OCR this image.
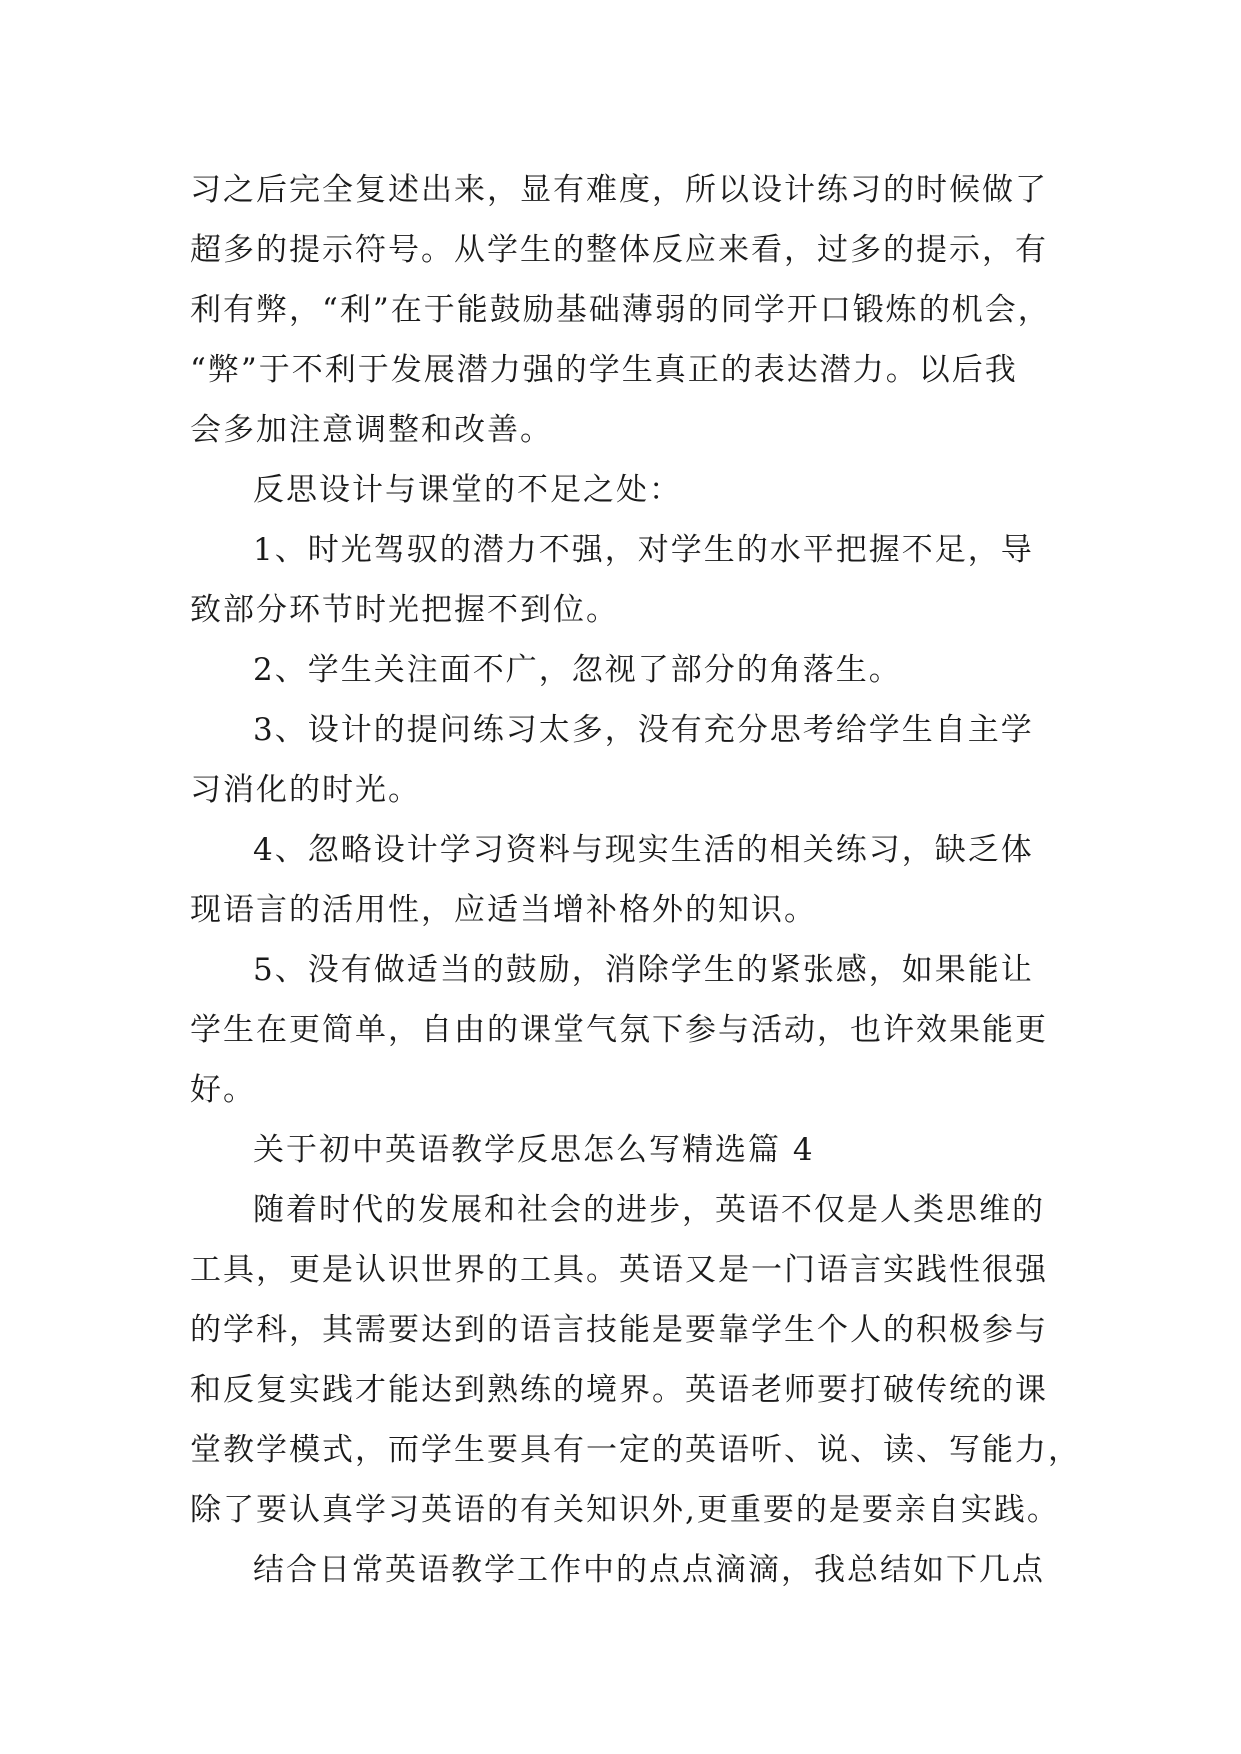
习之后完全复述出来，显有难度，所以设计练习的时候做了
超多的提示符号。从学生的整体反应来看，过多的提示，有
利有弊，“利”在于能鼓励基础薄弱的同学开口锻炼的机会，
“弊”于不利于发展潜力强的学生真正的表达潜力。以后我
会多加注意调整和改善。
反思设计与课堂的不足之处：
1、时光驾驭的潜力不强，对学生的水平把握不足，导
致部分环节时光把握不到位。
2、学生关注面不广，忽视了部分的角落生。
3、设计的提问练习太多，没有充分思考给学生自主学
习消化的时光。
4、忽略设计学习资料与现实生活的相关练习，缺乏体
现语言的活用性，应适当增补格外的知识。
5、没有做适当的鼓励，消除学生的紧张感，如果能让
学生在更简单，自由的课堂气氛下参与活动，也许效果能更
好。
关于初中英语教学反思怎么写精选篇 4
随着时代的发展和社会的进步，英语不仅是人类思维的
工具，更是认识世界的工具。英语又是一门语言实践性很强
的学科，其需要达到的语言技能是要靠学生个人的积极参与
和反复实践才能达到熟练的境界。英语老师要打破传统的课
堂教学模式，而学生要具有一定的英语听、说、读、写能力，
除了要认真学习英语的有关知识外,更重要的是要亲自实践。
结合日常英语教学工作中的点点滴滴，我总结如下几点
